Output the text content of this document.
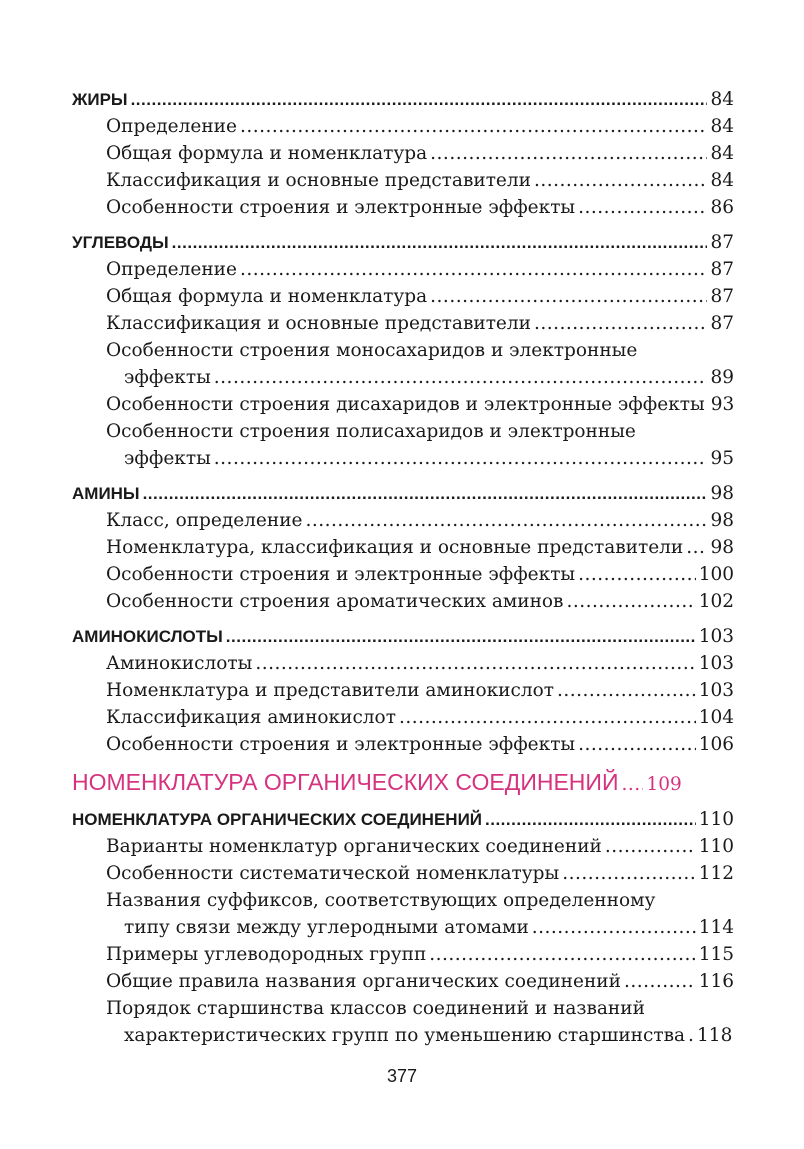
ЖИРЫ .....	84
Определение .....	84
Общая формула и номенклатура .....	84
Классификация и основные представители .....	84
Особенности строения и электронные эффекты .....	86
УГЛЕВОДЫ .....	87
Определение .....	87
Общая формула и номенклатура .....	87
Классификация и основные представители .....	87
Особенности строения моносахаридов и электронные
эффекты .....	89
Особенности строения дисахаридов и электронные эффекты 93
Особенности строения полисахаридов и электронные
эффекты .....	95
АМИНЫ .....	98
Класс, определение .....	98
Номенклатура, классификация и основные представители ..... 98
Особенности строения и электронные эффекты .....	100
Особенности строения ароматических аминов .....	102
АМИНОКИСЛОТЫ .....	103
Аминокислоты .....	103
Номенклатура и представители аминокислот .....	103
Классификация аминокислот .....	104
Особенности строения и электронные эффекты .....	106
НОМЕНКЛАТУРА ОРГАНИЧЕСКИХ СОЕДИНЕНИЙ ..... 109
НОМЕНКЛАТУРА ОРГАНИЧЕСКИХ СОЕДИНЕНИЙ .....	110
Варианты номенклатур органических соединений .....	110
Особенности систематической номенклатуры .....	112
Названия суффиксов, соответствующих определенному
типу связи между углеродными атомами .....	114
Примеры углеводородных групп .....	115
Общие правила названия органических соединений .....	116
Порядок старшинства классов соединений и названий
характеристических групп по уменьшению старшинства ..... 118
377
